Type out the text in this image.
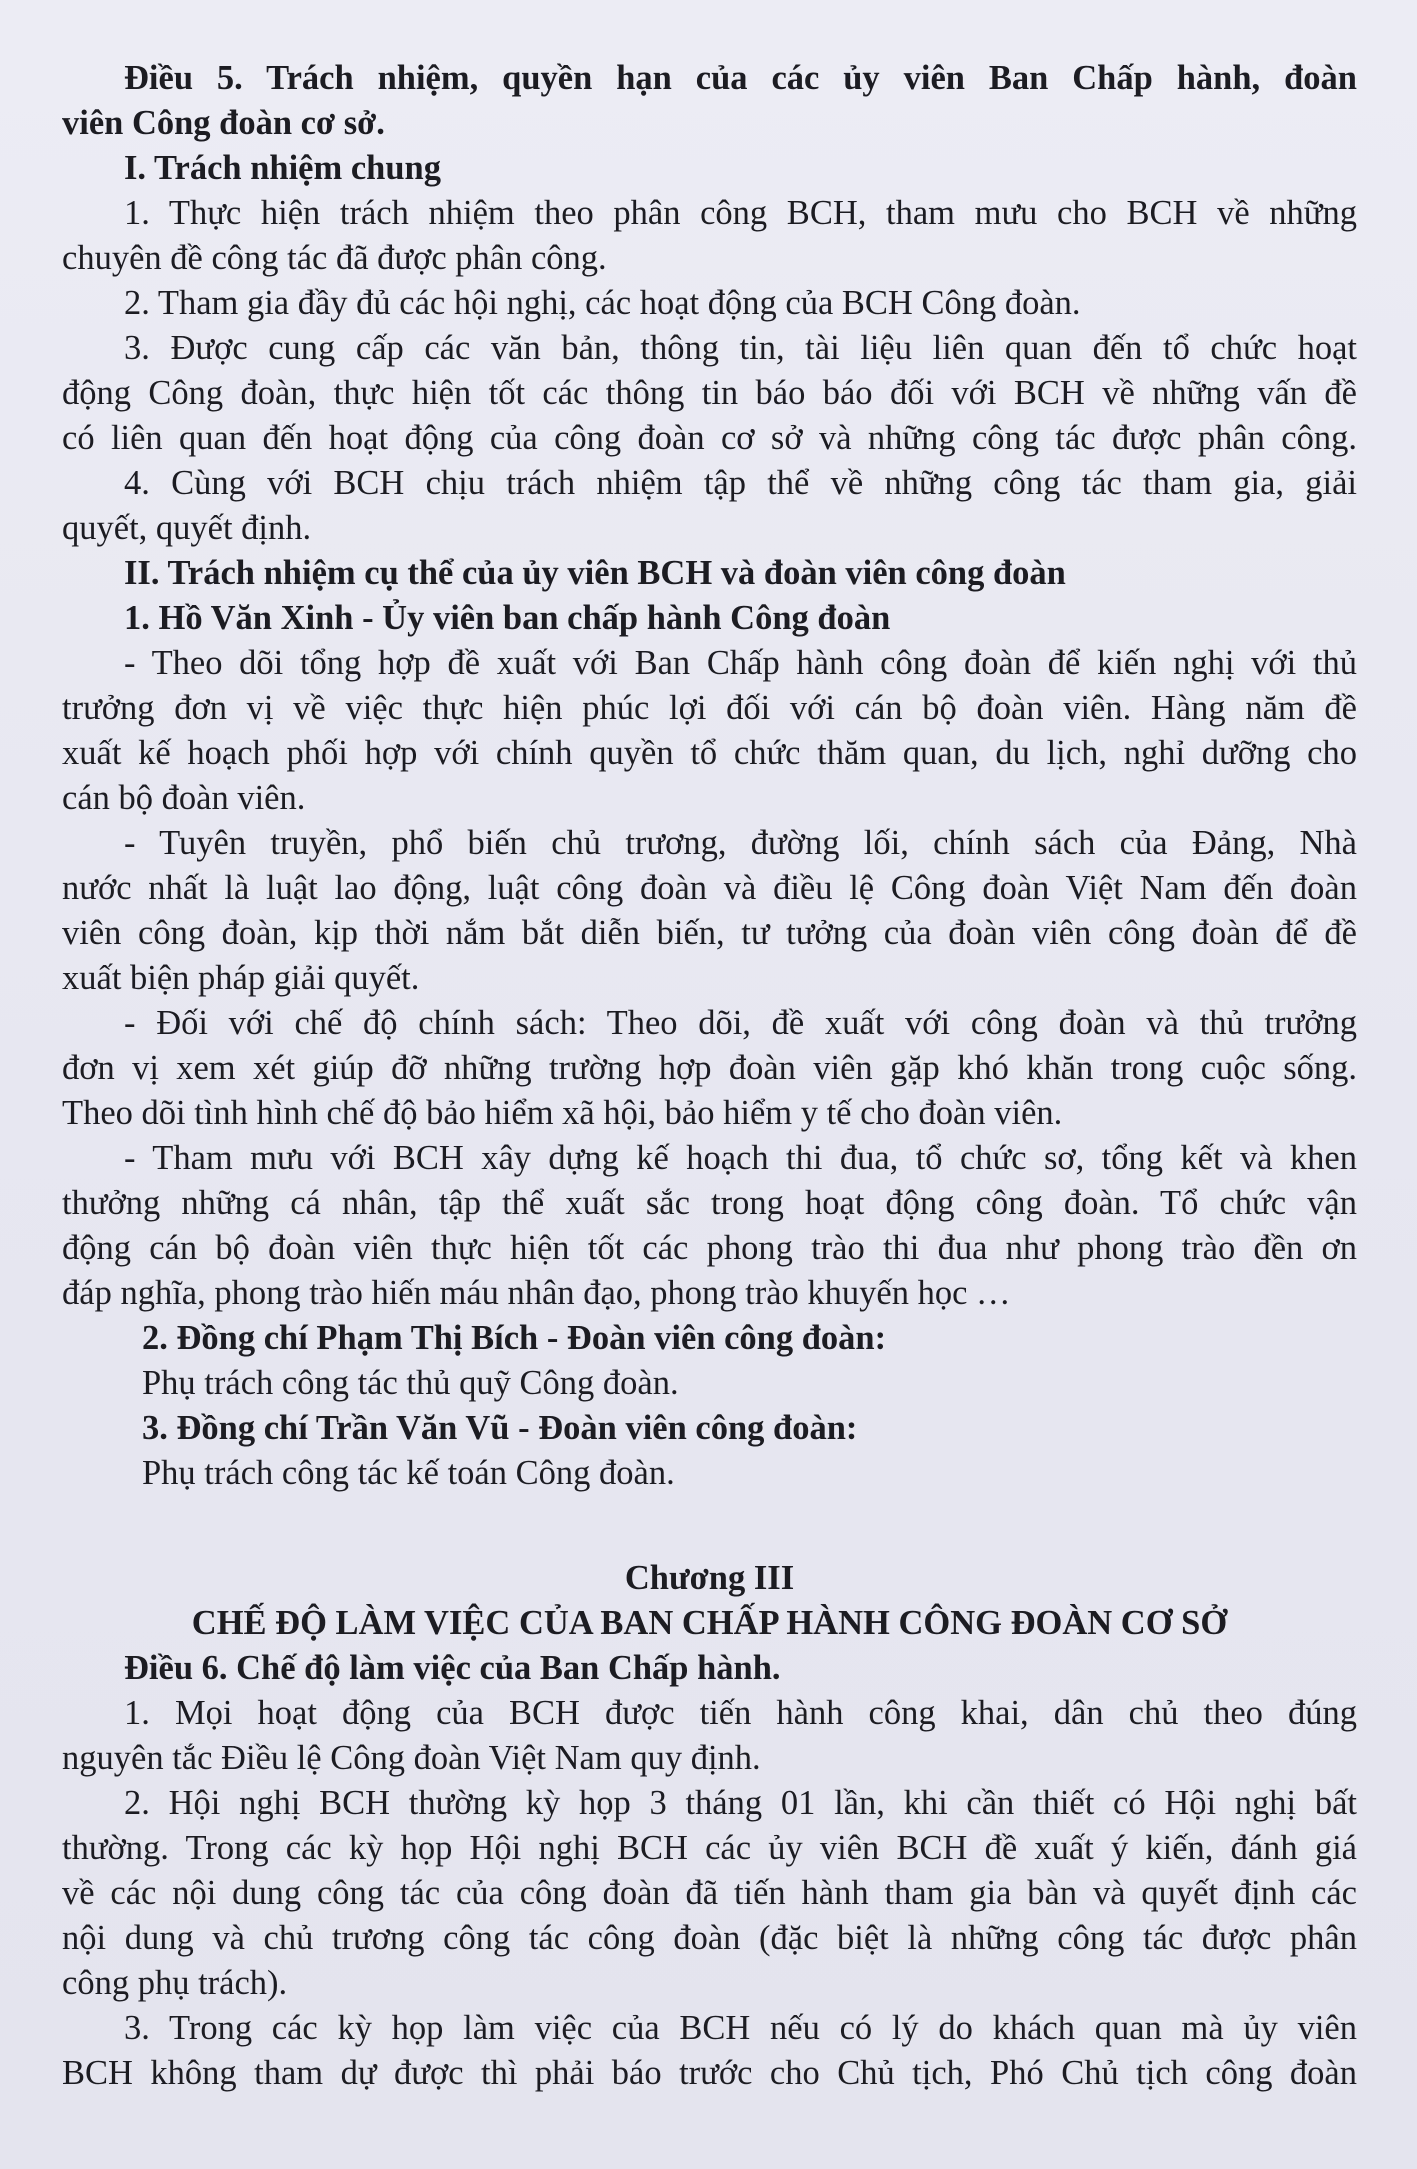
Điều 5. Trách nhiệm, quyền hạn của các ủy viên Ban Chấp hành, đoàn

viên Công đoàn cơ sở.

I. Trách nhiệm chung

1. Thực hiện trách nhiệm theo phân công BCH, tham mưu cho BCH về những

chuyên đề công tác đã được phân công.

2. Tham gia đầy đủ các hội nghị, các hoạt động của BCH Công đoàn.

3. Được cung cấp các văn bản, thông tin, tài liệu liên quan đến tổ chức hoạt

động Công đoàn, thực hiện tốt các thông tin báo báo đối với BCH về những vấn đề

có liên quan đến hoạt động của công đoàn cơ sở và những công tác được phân công.

4. Cùng với BCH chịu trách nhiệm tập thể về những công tác tham gia, giải

quyết, quyết định.

II. Trách nhiệm cụ thể của ủy viên BCH và đoàn viên công đoàn

1. Hồ Văn Xinh - Ủy viên ban chấp hành Công đoàn

- Theo dõi tổng hợp đề xuất với Ban Chấp hành công đoàn để kiến nghị với thủ

trưởng đơn vị về việc thực hiện phúc lợi đối với cán bộ đoàn viên. Hàng năm đề

xuất kế hoạch phối hợp với chính quyền tổ chức thăm quan, du lịch, nghỉ dưỡng cho

cán bộ đoàn viên.

- Tuyên truyền, phổ biến chủ trương, đường lối, chính sách của Đảng, Nhà

nước nhất là luật lao động, luật công đoàn và điều lệ Công đoàn Việt Nam đến đoàn

viên công đoàn, kịp thời nắm bắt diễn biến, tư tưởng của đoàn viên công đoàn để đề

xuất biện pháp giải quyết.

- Đối với chế độ chính sách: Theo dõi, đề xuất với công đoàn và thủ trưởng

đơn vị xem xét giúp đỡ những trường hợp đoàn viên gặp khó khăn trong cuộc sống.

Theo dõi tình hình chế độ bảo hiểm xã hội, bảo hiểm y tế cho đoàn viên.

- Tham mưu với BCH xây dựng kế hoạch thi đua, tổ chức sơ, tổng kết và khen

thưởng những cá nhân, tập thể xuất sắc trong hoạt động công đoàn. Tổ chức vận

động cán bộ đoàn viên thực hiện tốt các phong trào thi đua như phong trào đền ơn

đáp nghĩa, phong trào hiến máu nhân đạo, phong trào khuyến học …

2. Đồng chí Phạm Thị Bích - Đoàn viên công đoàn:

Phụ trách công tác thủ quỹ Công đoàn.

3. Đồng chí Trần Văn Vũ - Đoàn viên công đoàn:

Phụ trách công tác kế toán Công đoàn.

Chương III

CHẾ ĐỘ LÀM VIỆC CỦA BAN CHẤP HÀNH CÔNG ĐOÀN CƠ SỞ

Điều 6. Chế độ làm việc của Ban Chấp hành.

1. Mọi hoạt động của BCH được tiến hành công khai, dân chủ theo đúng

nguyên tắc Điều lệ Công đoàn Việt Nam quy định.

2. Hội nghị BCH thường kỳ họp 3 tháng 01 lần, khi cần thiết có Hội nghị bất

thường. Trong các kỳ họp Hội nghị BCH các ủy viên BCH đề xuất ý kiến, đánh giá

về các nội dung công tác của công đoàn đã tiến hành tham gia bàn và quyết định các

nội dung và chủ trương công tác công đoàn (đặc biệt là những công tác được phân

công phụ trách).

3. Trong các kỳ họp làm việc của BCH nếu có lý do khách quan mà ủy viên

BCH không tham dự được thì phải báo trước cho Chủ tịch, Phó Chủ tịch công đoàn
